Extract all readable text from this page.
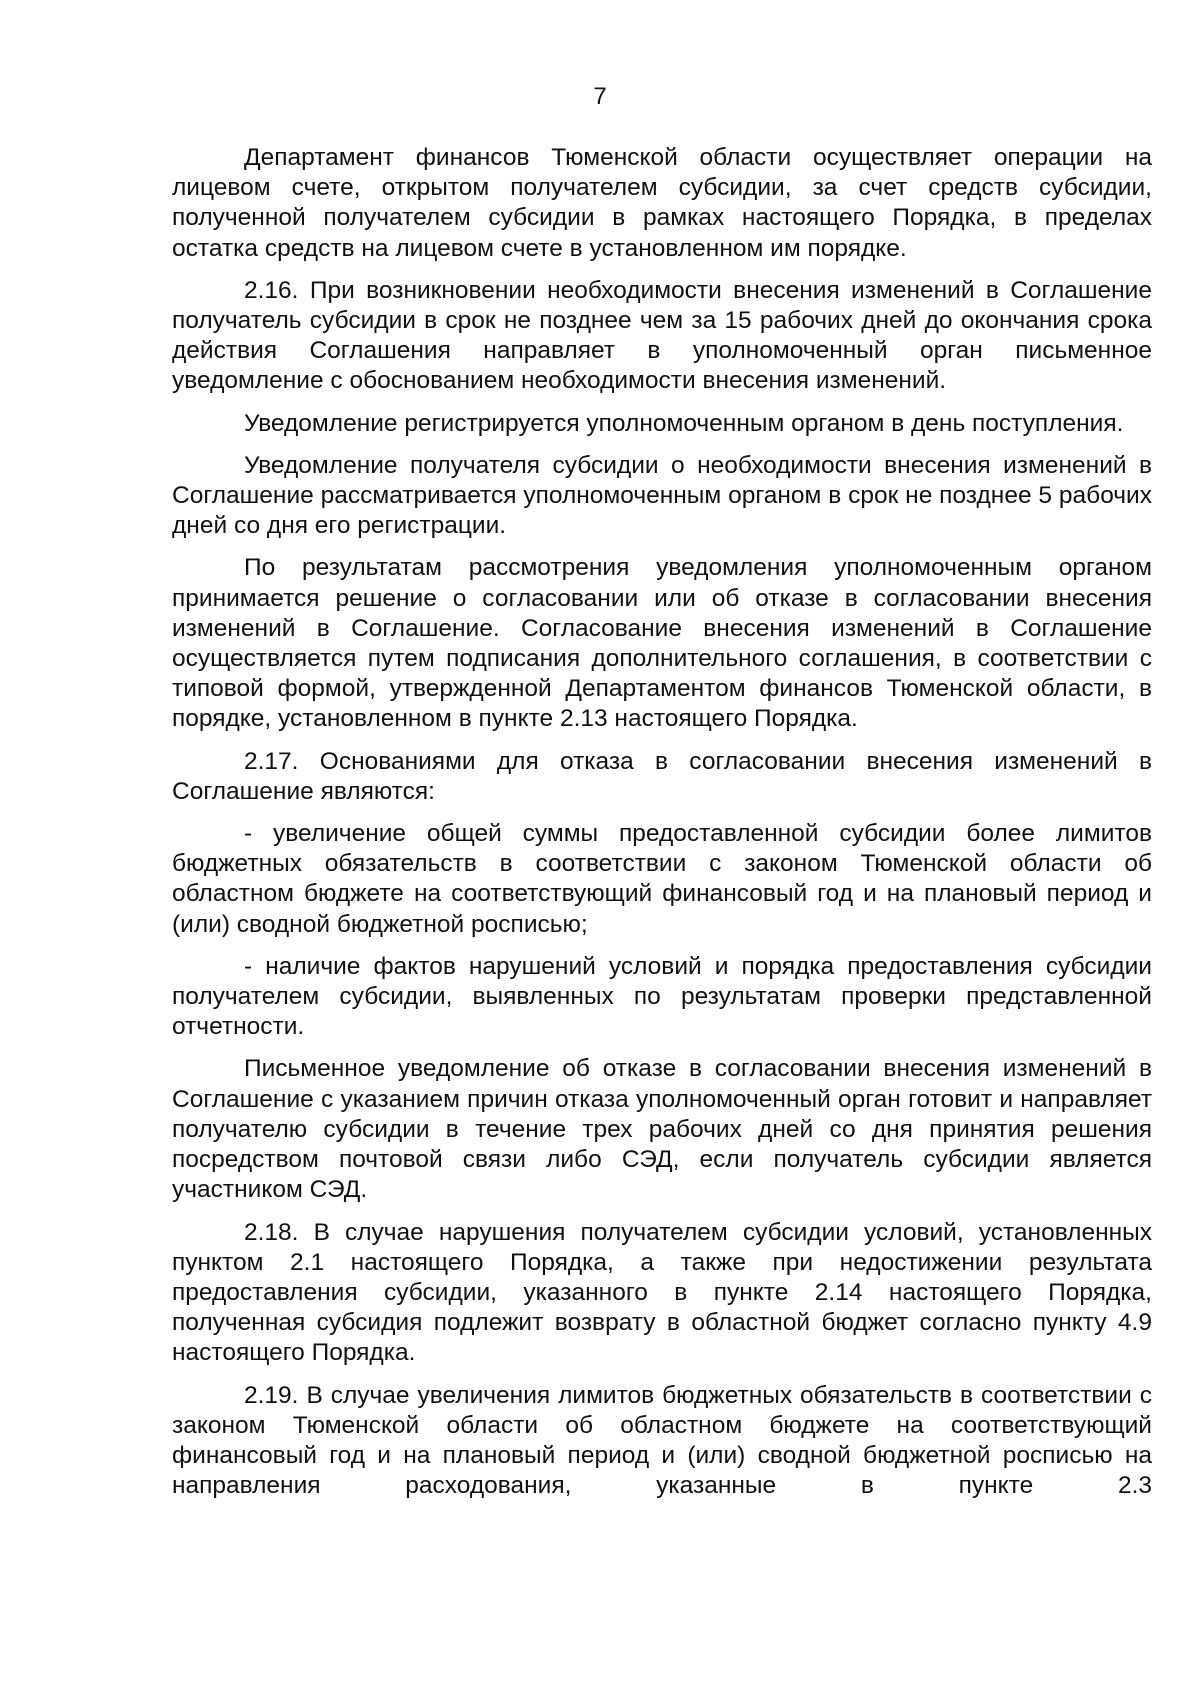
7

Департамент финансов Тюменской области осуществляет операции на лицевом счете, открытом получателем субсидии, за счет средств субсидии, полученной получателем субсидии в рамках настоящего Порядка, в пределах остатка средств на лицевом счете в установленном им порядке.

2.16. При возникновении необходимости внесения изменений в Соглашение получатель субсидии в срок не позднее чем за 15 рабочих дней до окончания срока действия Соглашения направляет в уполномоченный орган письменное уведомление с обоснованием необходимости внесения изменений.

Уведомление регистрируется уполномоченным органом в день поступления.

Уведомление получателя субсидии о необходимости внесения изменений в Соглашение рассматривается уполномоченным органом в срок не позднее 5 рабочих дней со дня его регистрации.

По результатам рассмотрения уведомления уполномоченным органом принимается решение о согласовании или об отказе в согласовании внесения изменений в Соглашение. Согласование внесения изменений в Соглашение осуществляется путем подписания дополнительного соглашения, в соответствии с типовой формой, утвержденной Департаментом финансов Тюменской области, в порядке, установленном в пункте 2.13 настоящего Порядка.

2.17. Основаниями для отказа в согласовании внесения изменений в Соглашение являются:

- увеличение общей суммы предоставленной субсидии более лимитов бюджетных обязательств в соответствии с законом Тюменской области об областном бюджете на соответствующий финансовый год и на плановый период и (или) сводной бюджетной росписью;

- наличие фактов нарушений условий и порядка предоставления субсидии получателем субсидии, выявленных по результатам проверки представленной отчетности.

Письменное уведомление об отказе в согласовании внесения изменений в Соглашение с указанием причин отказа уполномоченный орган готовит и направляет получателю субсидии в течение трех рабочих дней со дня принятия решения посредством почтовой связи либо СЭД, если получатель субсидии является участником СЭД.

2.18. В случае нарушения получателем субсидии условий, установленных пунктом 2.1 настоящего Порядка, а также при недостижении результата предоставления субсидии, указанного в пункте 2.14 настоящего Порядка, полученная субсидия подлежит возврату в областной бюджет согласно пункту 4.9 настоящего Порядка.

2.19. В случае увеличения лимитов бюджетных обязательств в соответствии с законом Тюменской области об областном бюджете на соответствующий финансовый год и на плановый период и (или) сводной бюджетной росписью на направления расходования, указанные в пункте 2.3
